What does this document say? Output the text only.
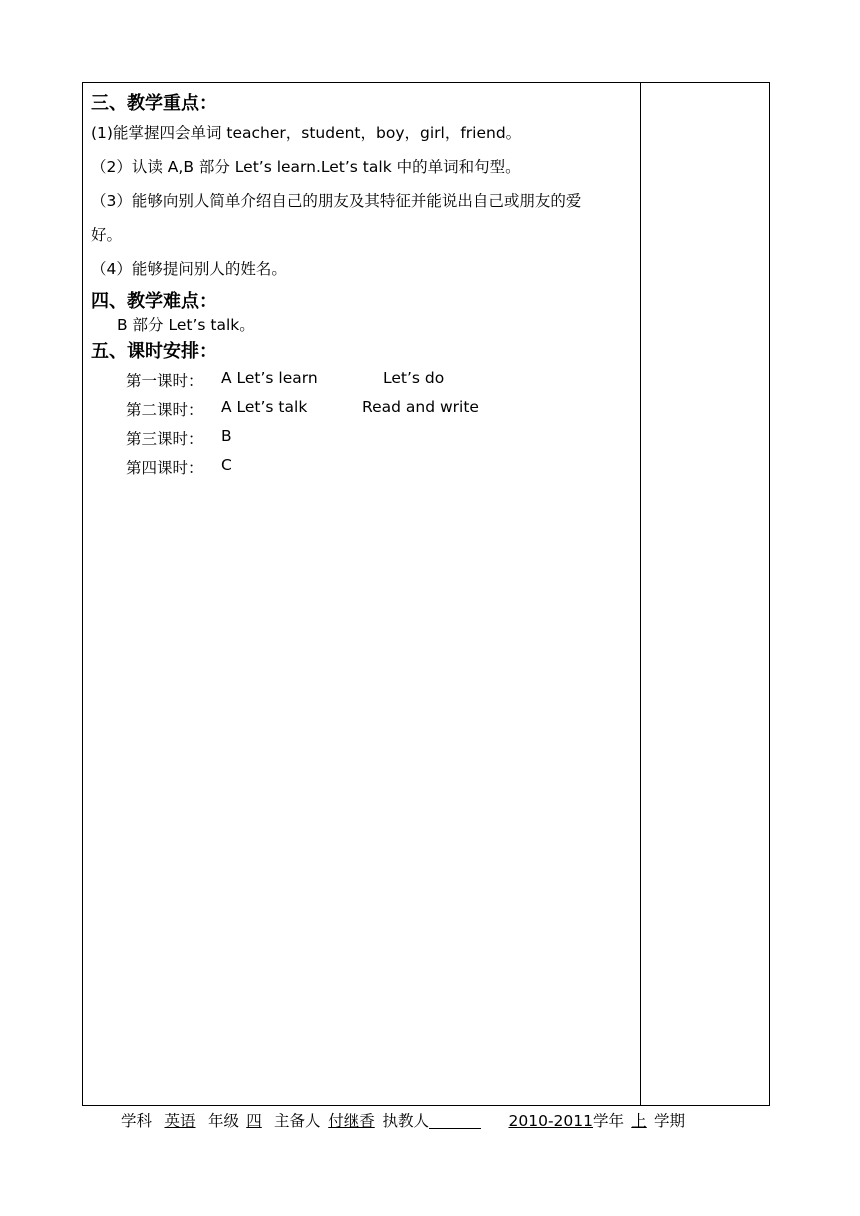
三、教学重点：
(1)能掌握四会单词 teacher，student，boy，girl，friend。
（2）认读 A,B 部分 Let’s learn.Let’s talk 中的单词和句型。
（3）能够向别人简单介绍自己的朋友及其特征并能说出自己或朋友的爱
好。
（4）能够提问别人的姓名。
四、教学难点：
B 部分 Let’s talk。
五、课时安排：
第一课时： A Let’s learn	Let’s do
第二课时： A Let’s talk	Read and write
第三课时： B
第四课时： C
学科 英语 年级 四 主备人 付继香 执教人	2010-2011学年 上 学期
